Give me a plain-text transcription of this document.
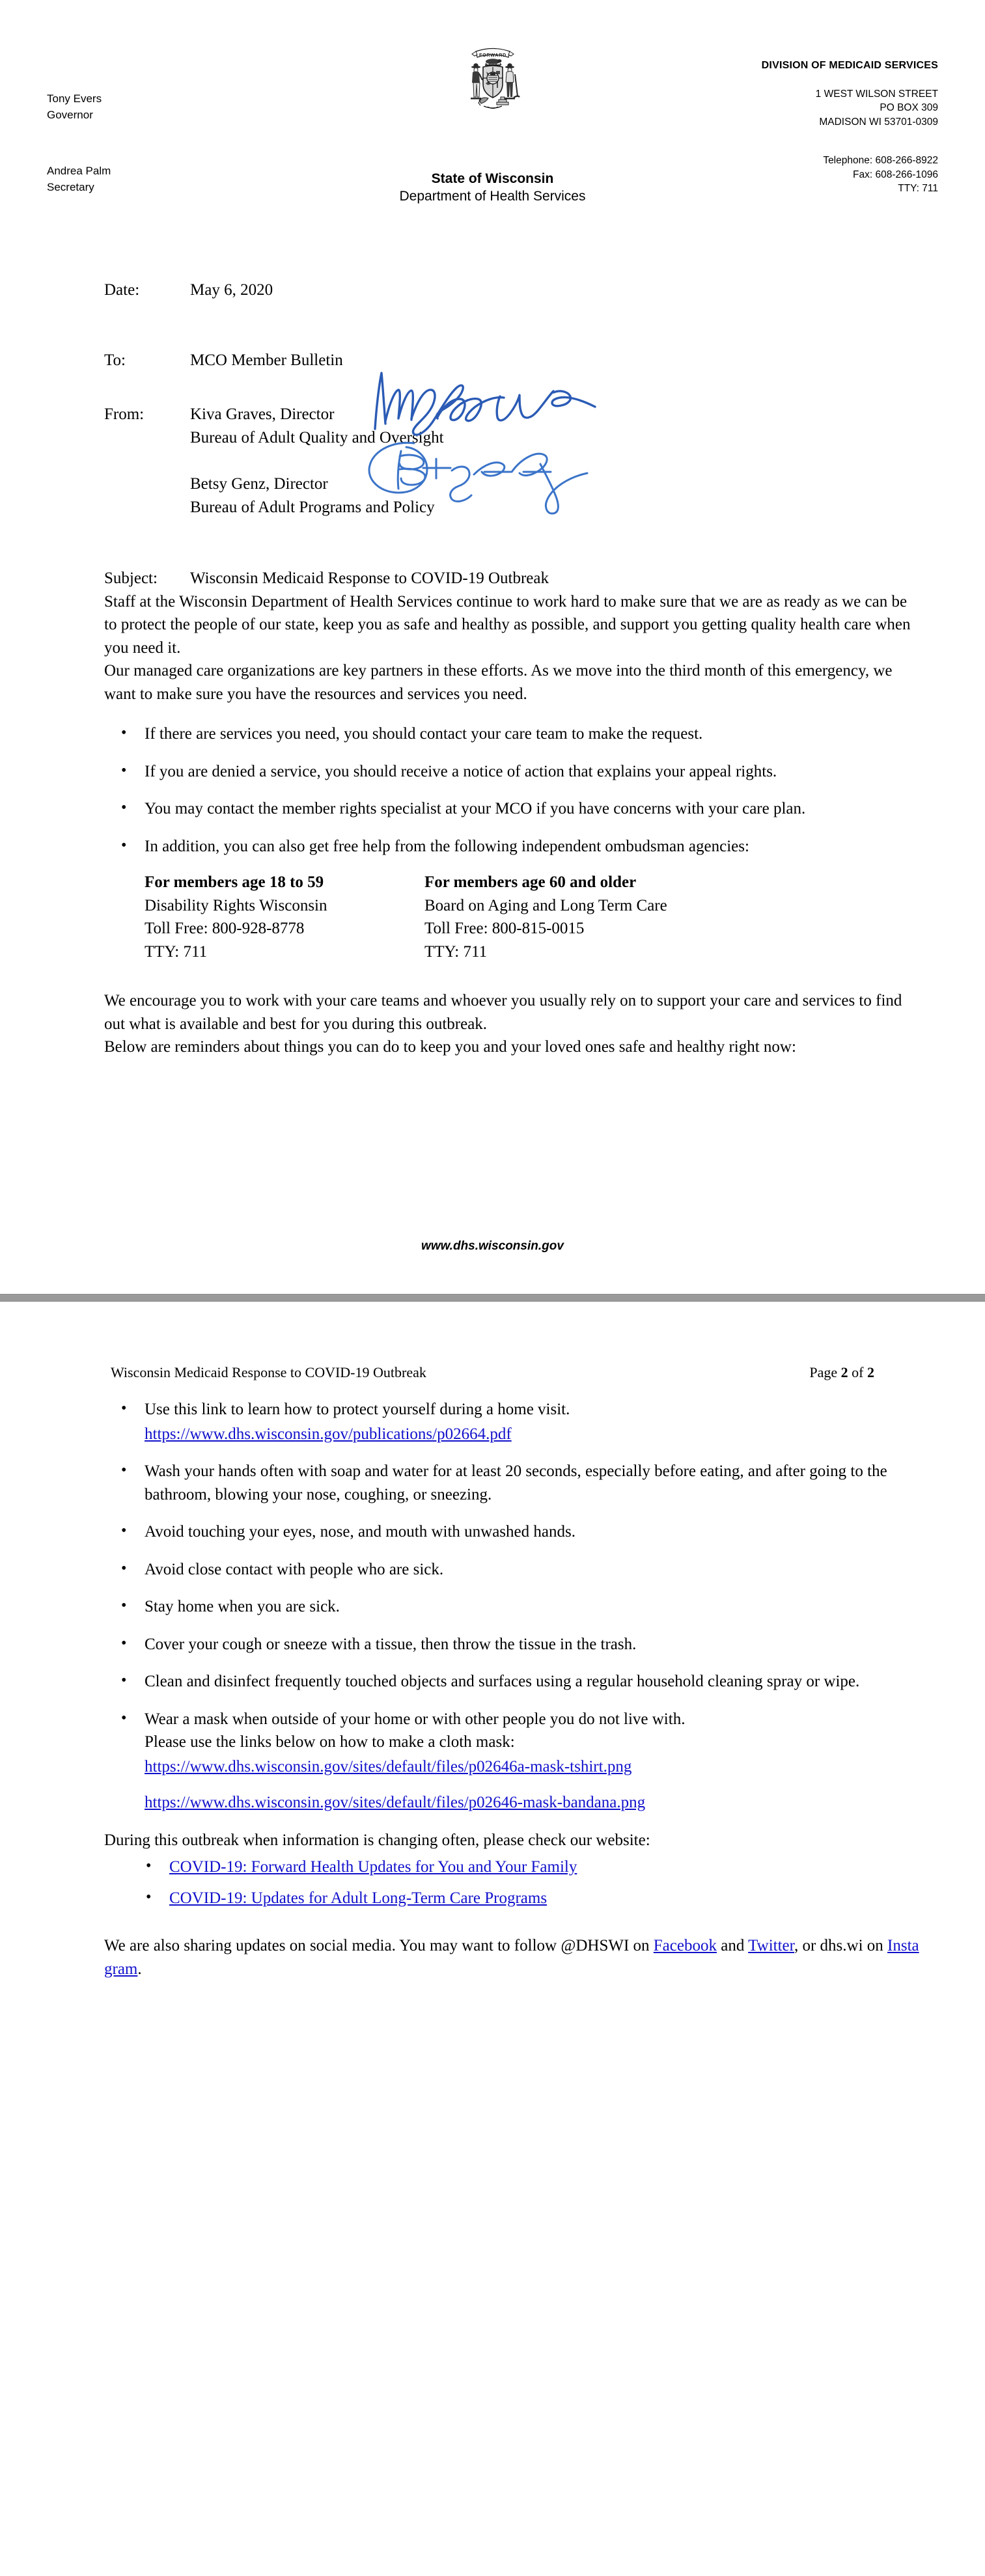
Tony Evers
Governor
Andrea Palm
Secretary
FORWARD
State of Wisconsin
Department of Health Services
DIVISION OF MEDICAID SERVICES
1 WEST WILSON STREET
PO BOX 309
MADISON WI 53701-0309
Telephone: 608-266-8922
Fax: 608-266-1096
TTY: 711
Date:	May 6, 2020
To:	MCO Member Bulletin
From:	Kiva Graves, Director
Bureau of Adult Quality and Oversight
Betsy Genz, Director
Bureau of Adult Programs and Policy
Subject:	Wisconsin Medicaid Response to COVID-19 Outbreak

Staff at the Wisconsin Department of Health Services continue to work hard to make sure that we are as ready as we can be to protect the people of our state, keep you as safe and healthy as possible, and support you getting quality health care when you need it.

Our managed care organizations are key partners in these efforts. As we move into the third month of this emergency, we want to make sure you have the resources and services you need.

• If there are services you need, you should contact your care team to make the request.
• If you are denied a service, you should receive a notice of action that explains your appeal rights.
• You may contact the member rights specialist at your MCO if you have concerns with your care plan.
• In addition, you can also get free help from the following independent ombudsman agencies:
For members age 18 to 59
Disability Rights Wisconsin
Toll Free: 800-928-8778
TTY: 711
For members age 60 and older
Board on Aging and Long Term Care
Toll Free: 800-815-0015
TTY: 711

We encourage you to work with your care teams and whoever you usually rely on to support your care and services to find out what is available and best for you during this outbreak.

Below are reminders about things you can do to keep you and your loved ones safe and healthy right now:

www.dhs.wisconsin.gov
Wisconsin Medicaid Response to COVID-19 Outbreak	Page 2 of 2
• Use this link to learn how to protect yourself during a home visit.
https://www.dhs.wisconsin.gov/publications/p02664.pdf
• Wash your hands often with soap and water for at least 20 seconds, especially before eating, and after going to the bathroom, blowing your nose, coughing, or sneezing.
• Avoid touching your eyes, nose, and mouth with unwashed hands.
• Avoid close contact with people who are sick.
• Stay home when you are sick.
• Cover your cough or sneeze with a tissue, then throw the tissue in the trash.
• Clean and disinfect frequently touched objects and surfaces using a regular household cleaning spray or wipe.
• Wear a mask when outside of your home or with other people you do not live with.
Please use the links below on how to make a cloth mask:
https://www.dhs.wisconsin.gov/sites/default/files/p02646a-mask-tshirt.png
https://www.dhs.wisconsin.gov/sites/default/files/p02646-mask-bandana.png
During this outbreak when information is changing often, please check our website:
• COVID-19: Forward Health Updates for You and Your Family
• COVID-19: Updates for Adult Long-Term Care Programs
We are also sharing updates on social media. You may want to follow @DHSWI on Facebook and Twitter, or dhs.wi on Instagram.
